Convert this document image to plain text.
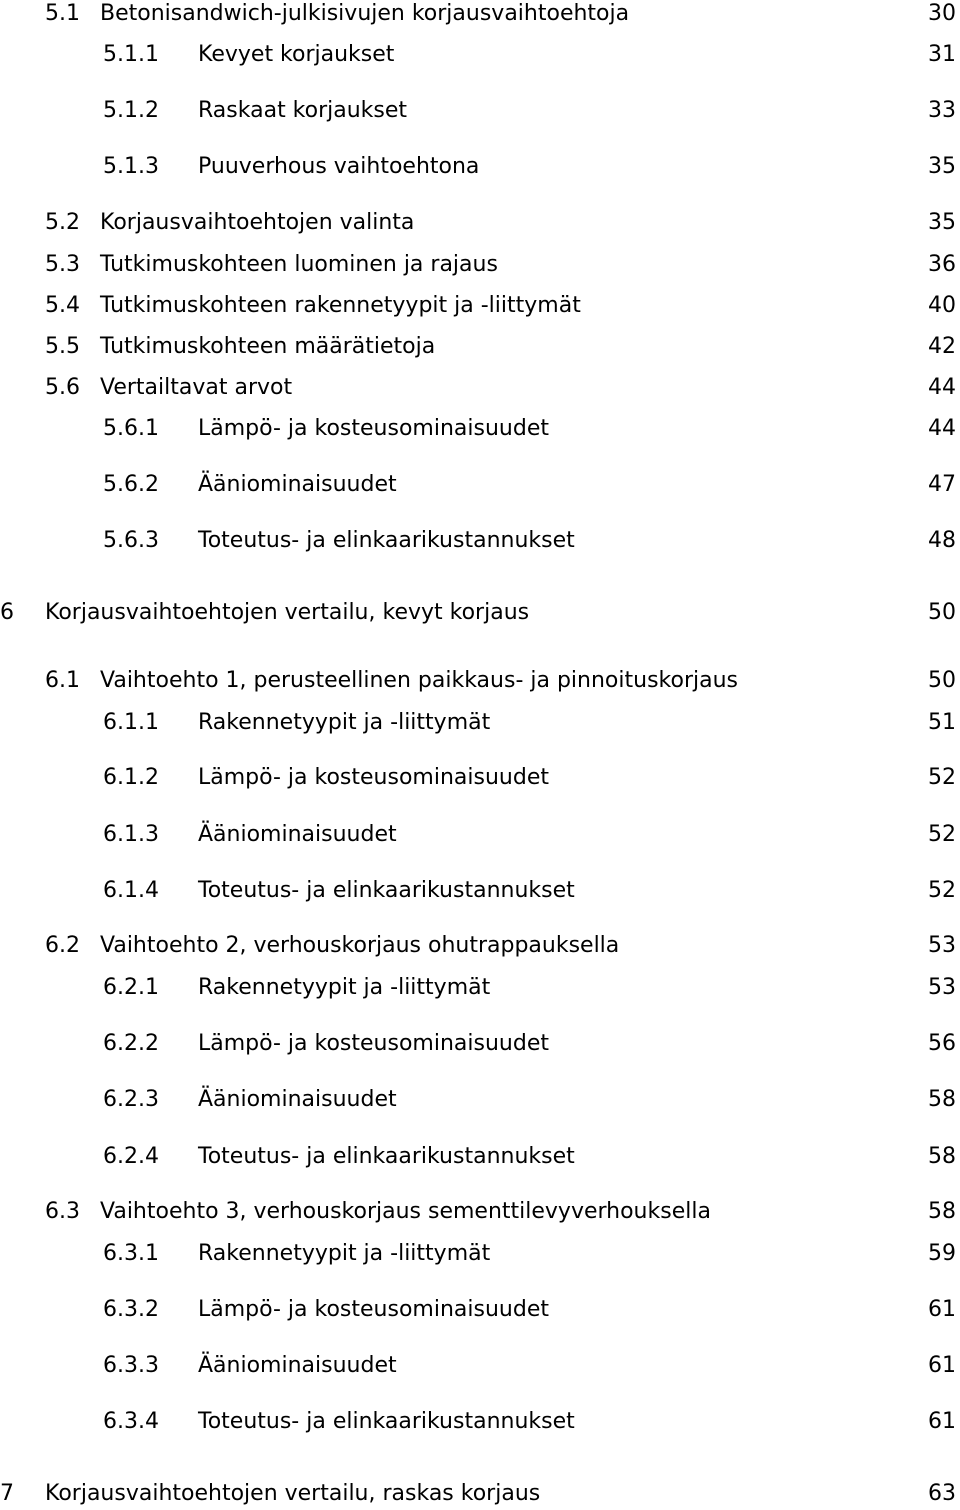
5.1 Betonisandwich-julkisivujen korjausvaihtoehtoja	30
5.1.1 Kevyet korjaukset	31
5.1.2 Raskaat korjaukset	33
5.1.3 Puuverhous vaihtoehtona	35
5.2 Korjausvaihtoehtojen valinta	35
5.3 Tutkimuskohteen luominen ja rajaus	36
5.4 Tutkimuskohteen rakennetyypit ja -liittymät	40
5.5 Tutkimuskohteen määrätietoja	42
5.6 Vertailtavat arvot	44
5.6.1 Lämpö- ja kosteusominaisuudet	44
5.6.2 Ääniominaisuudet	47
5.6.3 Toteutus- ja elinkaarikustannukset	48
6 Korjausvaihtoehtojen vertailu, kevyt korjaus	50
6.1 Vaihtoehto 1, perusteellinen paikkaus- ja pinnoituskorjaus	50
6.1.1 Rakennetyypit ja -liittymät	51
6.1.2 Lämpö- ja kosteusominaisuudet	52
6.1.3 Ääniominaisuudet	52
6.1.4 Toteutus- ja elinkaarikustannukset	52
6.2 Vaihtoehto 2, verhouskorjaus ohutrappauksella	53
6.2.1 Rakennetyypit ja -liittymät	53
6.2.2 Lämpö- ja kosteusominaisuudet	56
6.2.3 Ääniominaisuudet	58
6.2.4 Toteutus- ja elinkaarikustannukset	58
6.3 Vaihtoehto 3, verhouskorjaus sementtilevyverhouksella	58
6.3.1 Rakennetyypit ja -liittymät	59
6.3.2 Lämpö- ja kosteusominaisuudet	61
6.3.3 Ääniominaisuudet	61
6.3.4 Toteutus- ja elinkaarikustannukset	61
7 Korjausvaihtoehtojen vertailu, raskas korjaus	63
